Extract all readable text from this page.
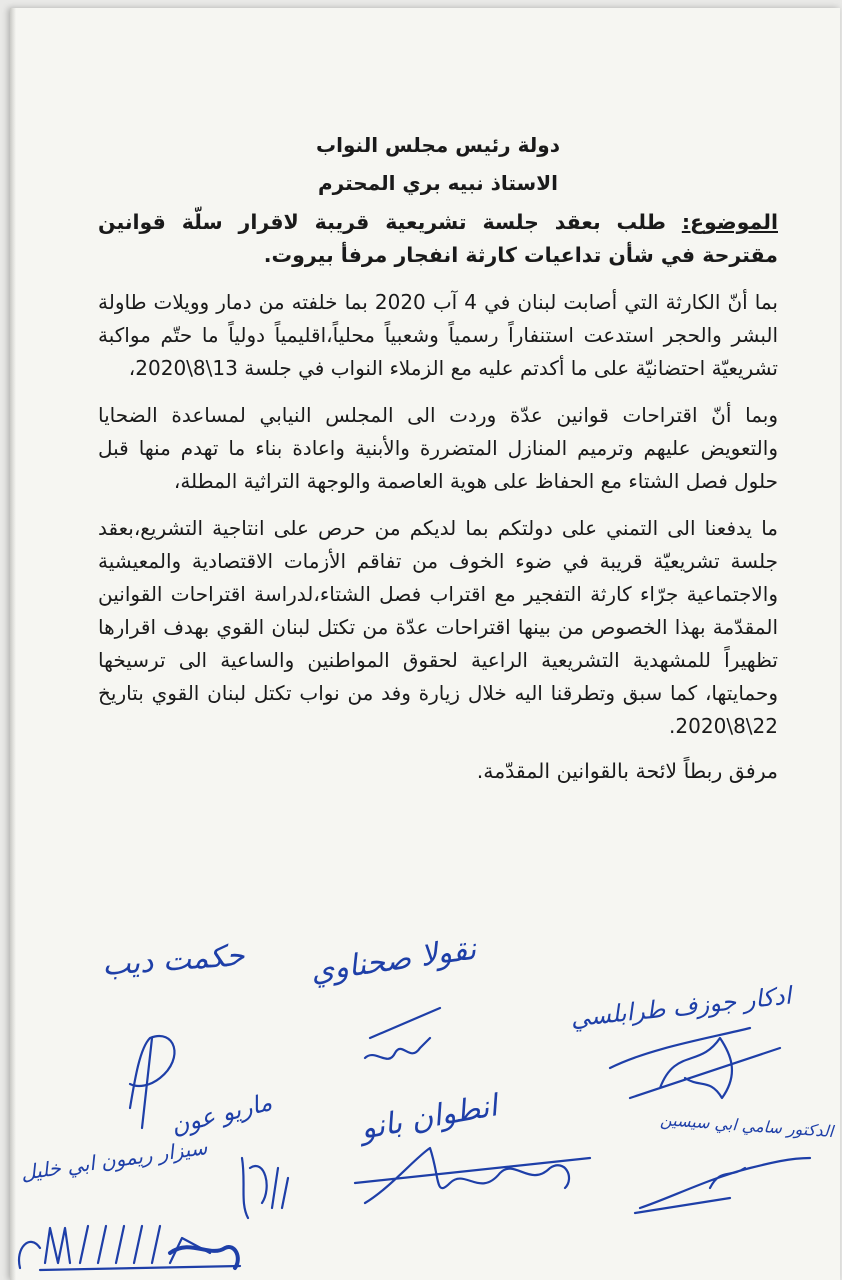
دولة رئيس مجلس النواب
الاستاذ نبيه بري المحترم
الموضوع: طلب بعقد جلسة تشريعية قريبة لاقرار سلّة قوانين مقترحة في شأن تداعيات كارثة انفجار مرفأ بيروت.
بما أنّ الكارثة التي أصابت لبنان في 4 آب 2020 بما خلفته من دمار وويلات طاولة البشر والحجر استدعت استنفاراً رسمياً وشعبياً محلياً،اقليمياً دولياً ما حتّم مواكبة تشريعيّة احتضانيّة على ما أكدتم عليه مع الزملاء النواب في جلسة 13\8\2020،
وبما أنّ اقتراحات قوانين عدّة وردت الى المجلس النيابي لمساعدة الضحايا والتعويض عليهم وترميم المنازل المتضررة والأبنية واعادة بناء ما تهدم منها قبل حلول فصل الشتاء مع الحفاظ على هوية العاصمة والوجهة التراثية المطلة،
ما يدفعنا الى التمني على دولتكم بما لديكم من حرص على انتاجية التشريع،بعقد جلسة تشريعيّة قريبة في ضوء الخوف من تفاقم الأزمات الاقتصادية والمعيشية والاجتماعية جرّاء كارثة التفجير مع اقتراب فصل الشتاء،لدراسة اقتراحات القوانين المقدّمة بهذا الخصوص من بينها اقتراحات عدّة من تكتل لبنان القوي بهدف اقرارها تظهيراً للمشهدية التشريعية الراعية لحقوق المواطنين والساعية الى ترسيخها وحمايتها، كما سبق وتطرقنا اليه خلال زيارة وفد من نواب تكتل لبنان القوي بتاريخ 22\8\2020.
مرفق ربطاً لائحة بالقوانين المقدّمة.
حكمت ديب نقولا صحناوي
ادكار جوزف طرابلسي
ماريو عون	انطوان بانو	الدكتور سامي ابي سيسين
سيزار ريمون ابي خليل
